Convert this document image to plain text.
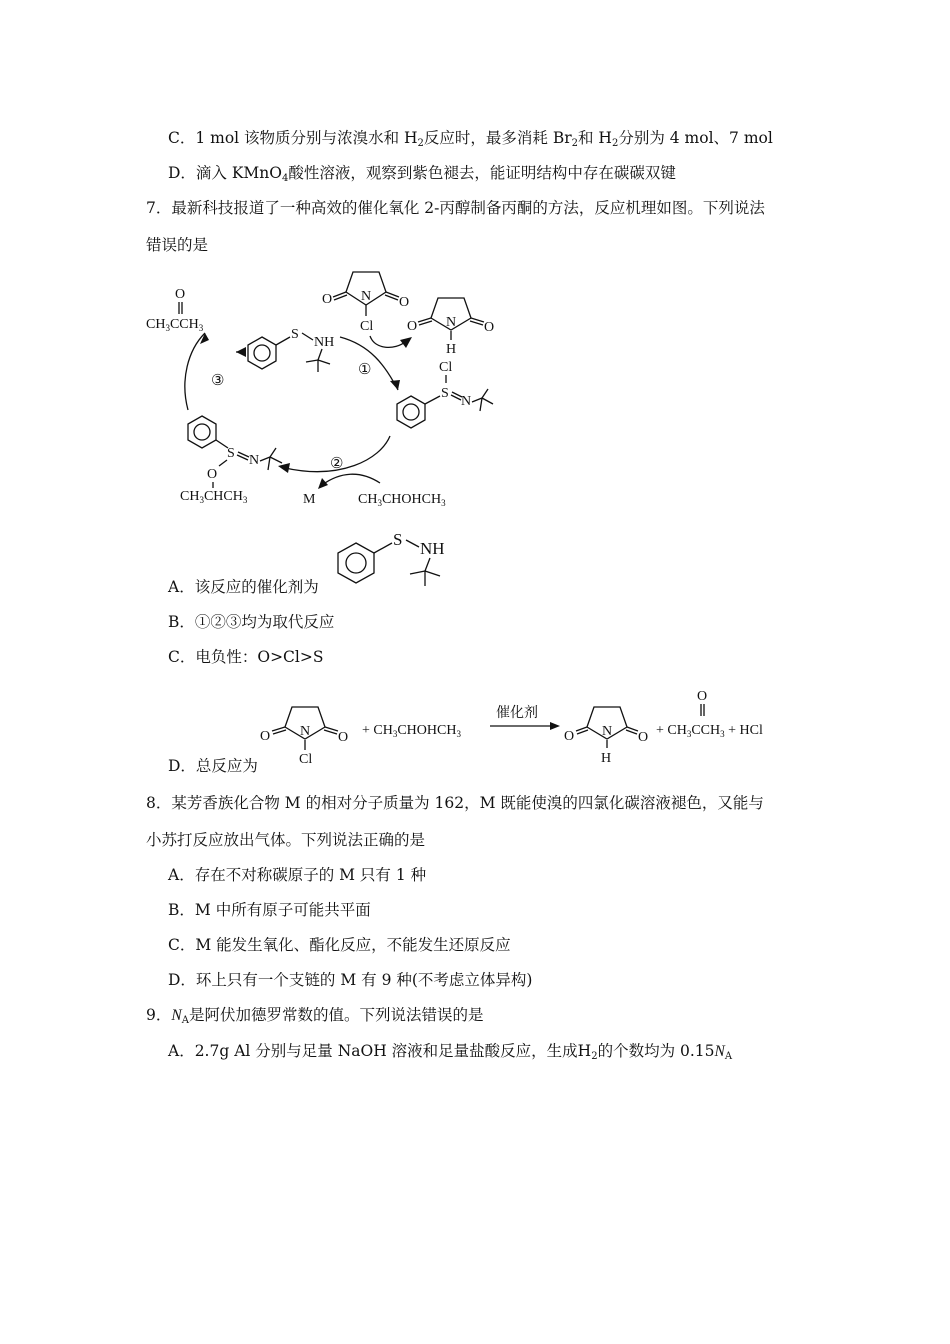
C．1 mol 该物质分别与浓溴水和 $H_2$反应时，最多消耗 $Br_2$和 $H_2$分别为 4 mol、7 mol
D．滴入 KMnO$_4$酸性溶液，观察到紫色褪去，能证明结构中存在碳碳双键
7．最新科技报道了一种高效的催化氧化 2-丙醇制备丙酮的方法，反应机理如图。下列说法
错误的是
O
$CH_3CCH_3$
③
S
NH
O	O
N
Cl O	O
N
H
①	Cl
S
N
②
M	$CH_3CHOHCH_3$
S N
O
$CH_3CHCH_3$
S NH
O	O
N
Cl
+ $CH_3CHOHCH_3$
催化剂
O	O
N
H
O
+ $CH_3CCH_3$ + HCl
A．该反应的催化剂为
B．①②③均为取代反应
C．电负性：O>Cl>S
D．总反应为
8．某芳香族化合物 M 的相对分子质量为 162，M 既能使溴的四氯化碳溶液褪色，又能与
小苏打反应放出气体。下列说法正确的是
A．存在不对称碳原子的 M 只有 1 种
B．M 中所有原子可能共平面
C．M 能发生氧化、酯化反应，不能发生还原反应
D．环上只有一个支链的 M 有 9 种(不考虑立体异构)
9．$N_A$是阿伏加德罗常数的值。下列说法错误的是
A．2.7g Al 分别与足量 NaOH 溶液和足量盐酸反应，生成$H_2$的个数均为 $0.15N_A$
